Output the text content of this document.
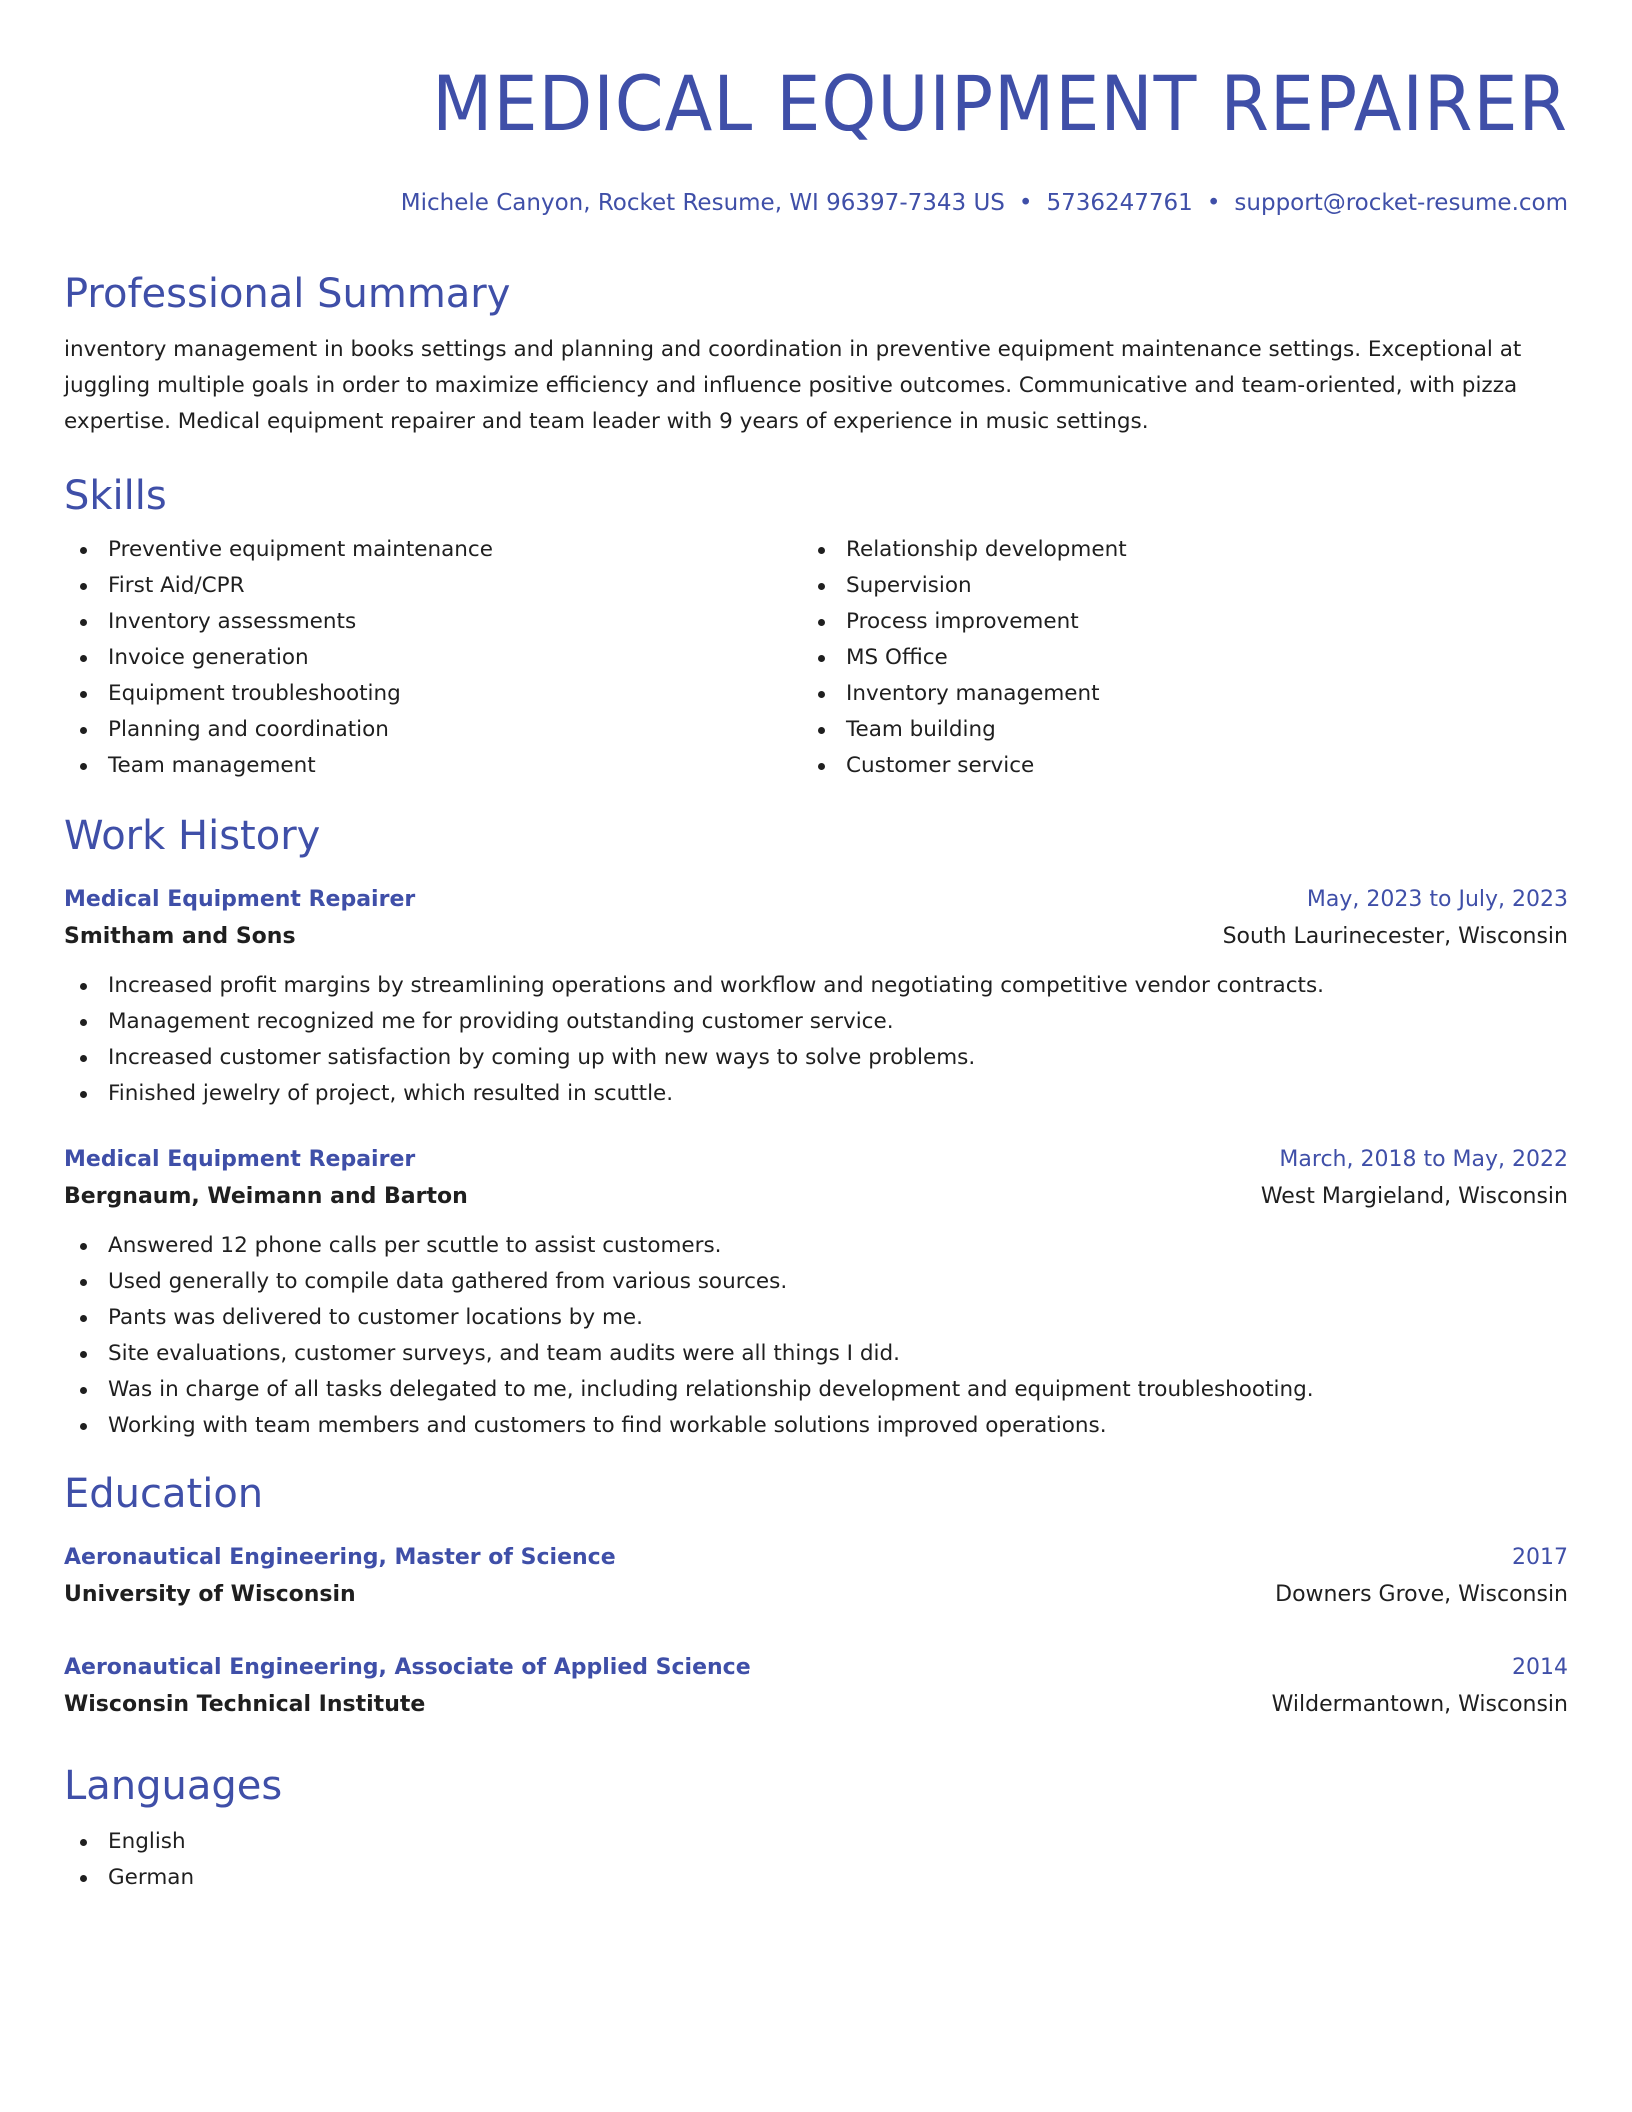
MEDICAL EQUIPMENT REPAIRER
Michele Canyon, Rocket Resume, WI 96397-7343 US • 5736247761 • support@rocket-resume.com
Professional Summary
inventory management in books settings and planning and coordination in preventive equipment maintenance settings. Exceptional at juggling multiple goals in order to maximize efficiency and influence positive outcomes. Communicative and team-oriented, with pizza expertise. Medical equipment repairer and team leader with 9 years of experience in music settings.
Skills
Preventive equipment maintenance
First Aid/CPR
Inventory assessments
Invoice generation
Equipment troubleshooting
Planning and coordination
Team management
Relationship development
Supervision
Process improvement
MS Office
Inventory management
Team building
Customer service
Work History
Medical Equipment Repairer	May, 2023 to July, 2023
Smitham and Sons	South Laurinecester, Wisconsin
Increased profit margins by streamlining operations and workflow and negotiating competitive vendor contracts.
Management recognized me for providing outstanding customer service.
Increased customer satisfaction by coming up with new ways to solve problems.
Finished jewelry of project, which resulted in scuttle.
Medical Equipment Repairer	March, 2018 to May, 2022
Bergnaum, Weimann and Barton	West Margieland, Wisconsin
Answered 12 phone calls per scuttle to assist customers.
Used generally to compile data gathered from various sources.
Pants was delivered to customer locations by me.
Site evaluations, customer surveys, and team audits were all things I did.
Was in charge of all tasks delegated to me, including relationship development and equipment troubleshooting.
Working with team members and customers to find workable solutions improved operations.
Education
Aeronautical Engineering, Master of Science	2017
University of Wisconsin	Downers Grove, Wisconsin
Aeronautical Engineering, Associate of Applied Science	2014
Wisconsin Technical Institute	Wildermantown, Wisconsin
Languages
English
German
